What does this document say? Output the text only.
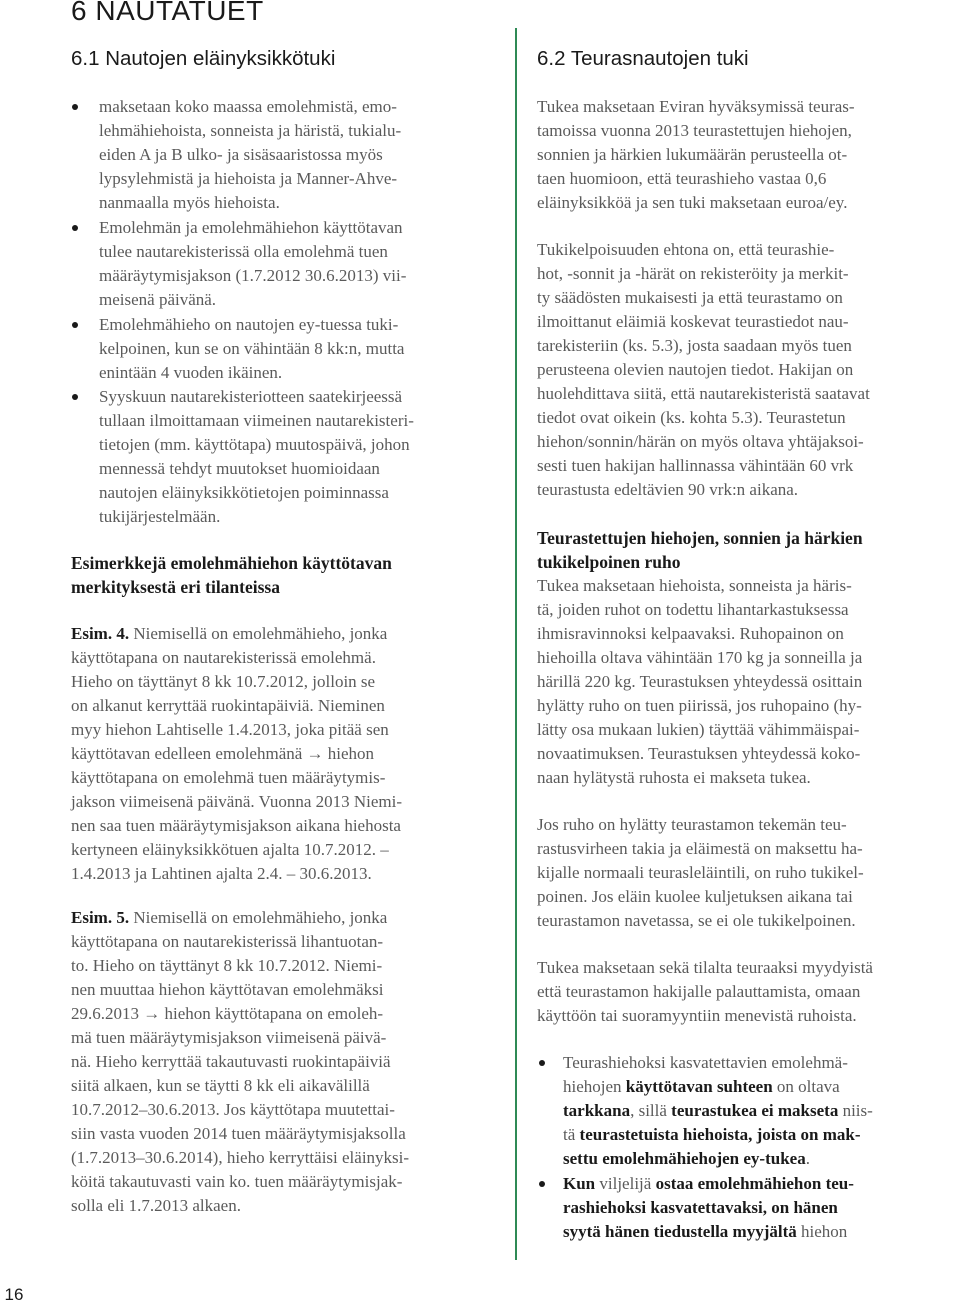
6 NAUTATUET
6.1 Nautojen eläinyksikkötuki
maksetaan koko maassa emolehmistä, emo-
lehmähiehoista, sonneista ja häristä, tukialu-
eiden A ja B ulko- ja sisäsaaristossa myös
lypsylehmistä ja hiehoista ja Manner-Ahve-
nanmaalla myös hiehoista.
Emolehmän ja emolehmähiehon käyttötavan
tulee nautarekisterissä olla emolehmä tuen
määräytymisjakson (1.7.2012 30.6.2013) vii-
meisenä päivänä.
Emolehmähieho on nautojen ey-tuessa tuki-
kelpoinen, kun se on vähintään 8 kk:n, mutta
enintään 4 vuoden ikäinen.
Syyskuun nautarekisteriotteen saatekirjeessä
tullaan ilmoittamaan viimeinen nautarekisteri-
tietojen (mm. käyttötapa) muutospäivä, johon
mennessä tehdyt muutokset huomioidaan
nautojen eläinyksikkötietojen poiminnassa
tukijärjestelmään.
Esimerkkejä emolehmähiehon käyttötavan
merkityksestä eri tilanteissa
Esim. 4. Niemisellä on emolehmähieho, jonka
käyttötapana on nautarekisterissä emolehmä.
Hieho on täyttänyt 8 kk 10.7.2012, jolloin se
on alkanut kerryttää ruokintapäiviä. Nieminen
myy hiehon Lahtiselle 1.4.2013, joka pitää sen
käyttötavan edelleen emolehmänä → hiehon
käyttötapana on emolehmä tuen määräytymis-
jakson viimeisenä päivänä. Vuonna 2013 Niemi-
nen saa tuen määräytymisjakson aikana hiehosta
kertyneen eläinyksikkötuen ajalta 10.7.2012. –
1.4.2013 ja Lahtinen ajalta 2.4. – 30.6.2013.
Esim. 5. Niemisellä on emolehmähieho, jonka
käyttötapana on nautarekisterissä lihantuotan-
to. Hieho on täyttänyt 8 kk 10.7.2012. Niemi-
nen muuttaa hiehon käyttötavan emolehmäksi
29.6.2013 → hiehon käyttötapana on emoleh-
mä tuen määräytymisjakson viimeisenä päivä-
nä. Hieho kerryttää takautuvasti ruokintapäiviä
siitä alkaen, kun se täytti 8 kk eli aikavälillä
10.7.2012–30.6.2013. Jos käyttötapa muutettai-
siin vasta vuoden 2014 tuen määräytymisjaksolla
(1.7.2013–30.6.2014), hieho kerryttäisi eläinyksi-
köitä takautuvasti vain ko. tuen määräytymisjak-
solla eli 1.7.2013 alkaen.
6.2 Teurasnautojen tuki
Tukea maksetaan Eviran hyväksymissä teuras-
tamoissa vuonna 2013 teurastettujen hiehojen,
sonnien ja härkien lukumäärän perusteella ot-
taen huomioon, että teurashieho vastaa 0,6
eläinyksikköä ja sen tuki maksetaan euroa/ey.
Tukikelpoisuuden ehtona on, että teurashie-
hot, -sonnit ja -härät on rekisteröity ja merkit-
ty säädösten mukaisesti ja että teurastamo on
ilmoittanut eläimiä koskevat teurastiedot nau-
tarekisteriin (ks. 5.3), josta saadaan myös tuen
perusteena olevien nautojen tiedot. Hakijan on
huolehdittava siitä, että nautarekisteristä saatavat
tiedot ovat oikein (ks. kohta 5.3). Teurastetun
hiehon/sonnin/härän on myös oltava yhtäjaksoi-
sesti tuen hakijan hallinnassa vähintään 60 vrk
teurastusta edeltävien 90 vrk:n aikana.
Teurastettujen hiehojen, sonnien ja härkien
tukikelpoinen ruho
Tukea maksetaan hiehoista, sonneista ja häris-
tä, joiden ruhot on todettu lihantarkastuksessa
ihmisravinnoksi kelpaavaksi. Ruhopainon on
hiehoilla oltava vähintään 170 kg ja sonneilla ja
härillä 220 kg. Teurastuksen yhteydessä osittain
hylätty ruho on tuen piirissä, jos ruhopaino (hy-
lätty osa mukaan lukien) täyttää vähimmäispai-
novaatimuksen. Teurastuksen yhteydessä koko-
naan hylätystä ruhosta ei makseta tukea.
Jos ruho on hylätty teurastamon tekemän teu-
rastusvirheen takia ja eläimestä on maksettu ha-
kijalle normaali teurasleläintili, on ruho tukikel-
poinen. Jos eläin kuolee kuljetuksen aikana tai
teurastamon navetassa, se ei ole tukikelpoinen.
Tukea maksetaan sekä tilalta teuraaksi myydyistä
että teurastamon hakijalle palauttamista, omaan
käyttöön tai suoramyyntiin menevistä ruhoista.
Teurashiehoksi kasvatettavien emolehmä-
hiehojen käyttötavan suhteen on oltava
tarkkana, sillä teurastukea ei makseta niis-
tä teurastetuista hiehoista, joista on mak-
settu emolehmähiehojen ey-tukea.
Kun viljelijä ostaa emolehmähiehon teu-
rashiehoksi kasvatettavaksi, on hänen
syytä hänen tiedustella myyjältä hiehon
16
